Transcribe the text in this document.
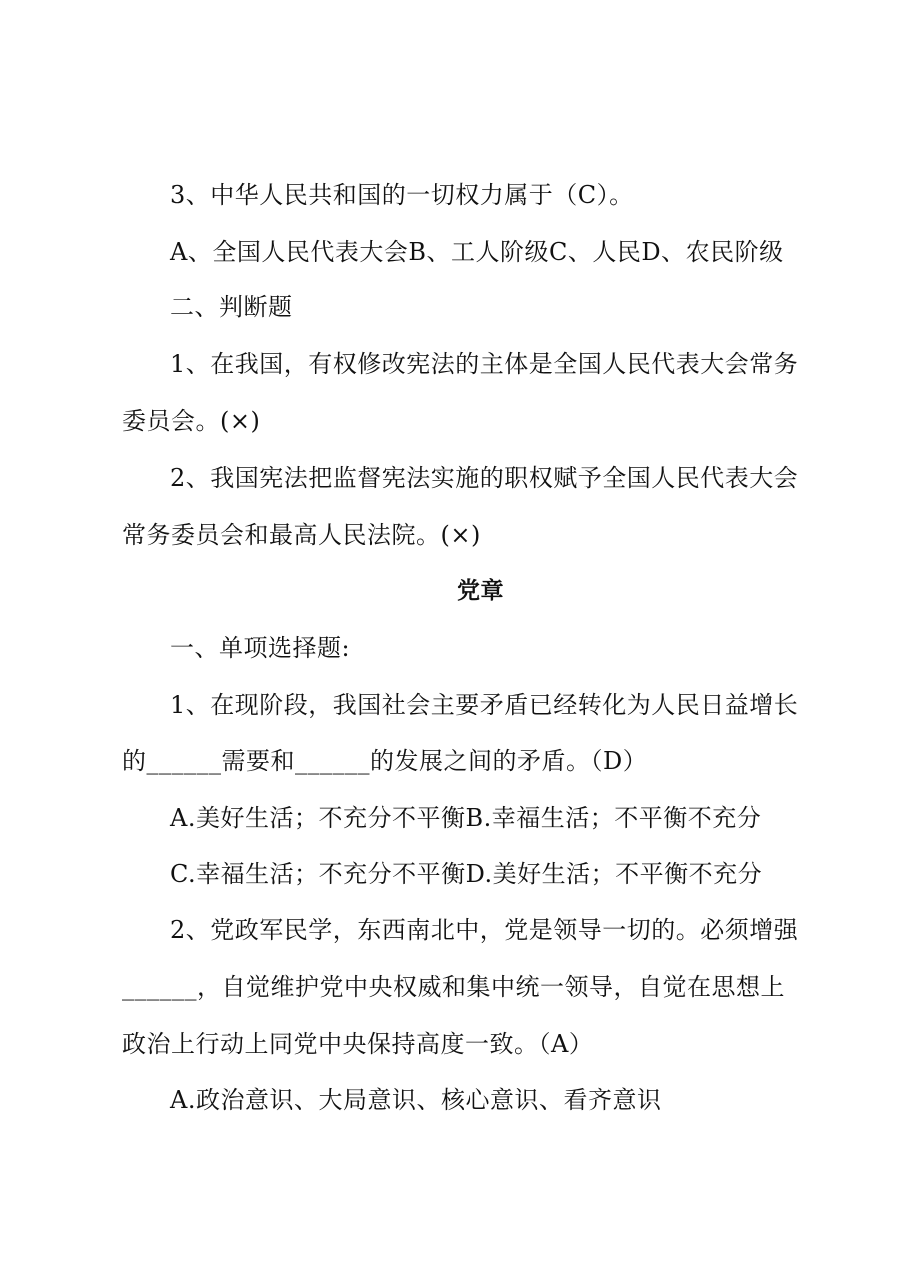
3、中华人民共和国的一切权力属于（C）。
A、全国人民代表大会B、工人阶级C、人民D、农民阶级
二、判断题
1、在我国，有权修改宪法的主体是全国人民代表大会常务
委员会。(×)
2、我国宪法把监督宪法实施的职权赋予全国人民代表大会
常务委员会和最高人民法院。(×)
党章
一、单项选择题:
1、在现阶段，我国社会主要矛盾已经转化为人民日益增长
的______需要和______的发展之间的矛盾。（D）
A.美好生活；不充分不平衡B.幸福生活；不平衡不充分
C.幸福生活；不充分不平衡D.美好生活；不平衡不充分
2、党政军民学，东西南北中，党是领导一切的。必须增强
______，自觉维护党中央权威和集中统一领导，自觉在思想上
政治上行动上同党中央保持高度一致。（A）
A.政治意识、大局意识、核心意识、看齐意识
